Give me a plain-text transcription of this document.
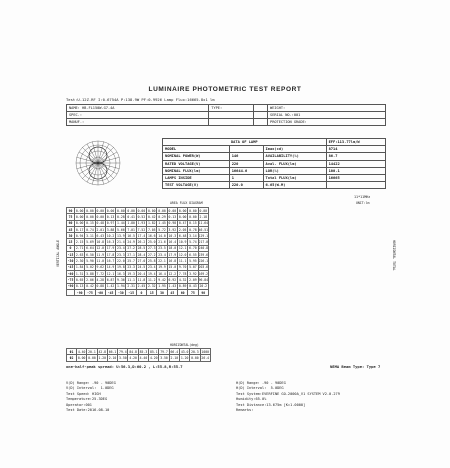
LUMINAIRE PHOTOMETRIC TEST REPORT
Test:U-12Z.RF I:0.6754A P:138.9W PF:0.9926 Lamp Flux:16665.8x1 lm
NAME: HB-FL150W-G7-4A	TYPE:		WEIGHT:
SPEC.:			SERIAL NO.:001
MANUF.:			PROTECTION GRADE:
DATA OF LAMP			EFF:113.77lm/W
MODEL		Imax(cd)	8714
NOMINAL POWER(W)	146	AVAILABILITY(%)	86.7
RATED VOLTAGE(V)	220	Aval. FLUX(lm)	14422
NOMINAL FLUX(lm)	16644.6	LOR(%)	100.1
LAMPS INSIDE	1	Total FLUX(lm)	16665
TEST VOLTAGE(V)	220.0	6.65(W.M)	
11*11MHz
AREA FLUX DIAGRAM	UNIT:lm
VERTICAL ANGLE	HORIZONTAL TOTAL
90	0.00	0.00	0.00	0.00	0.00	0.00	0.00	0.00	0.00	0.00	0.00	0.00	0.00
75	0.00	0.00	0.00	0.13	0.28	0.41	0.52	0.42	0.29	0.13	0.00	0.00	2.18
60	0.00	0.15	0.48	0.97	1.44	1.80	1.93	1.82	1.45	0.98	0.47	0.15	11.64
45	0.17	0.74	2.01	3.88	5.66	7.01	7.52	7.05	5.72	3.92	2.05	0.78	46.51
30	0.94	3.11	6.43	10.2	13.9	16.5	17.4	16.6	14.0	10.3	6.48	3.14	129.1
15	2.15	5.69	10.8	16.3	21.4	24.9	26.2	25.0	21.6	16.4	10.9	5.74	217.0
0	2.71	6.64	12.0	17.9	23.4	27.2	28.5	27.3	23.5	18.0	12.1	6.70	240.8
-15	2.63	6.50	11.9	17.8	23.3	27.1	28.4	27.2	23.4	17.9	12.0	6.55	239.6
-30	2.30	5.90	11.0	16.7	22.0	25.7	27.0	25.8	22.1	16.8	11.1	5.95	226.1
-45	1.84	5.02	9.62	14.9	19.8	23.3	24.5	23.4	19.9	15.0	9.70	5.07	203.6
-60	1.31	3.88	7.72	12.1	16.3	19.3	20.4	19.4	16.4	12.2	7.78	3.92	169.2
-75	0.65	2.06	4.28	6.87	9.36	11.1	11.8	11.2	9.42	6.92	4.32	2.09	96.84
-90	0.13	0.42	0.88	1.42	1.94	2.31	2.45	2.32	1.95	1.43	0.89	0.43	20.2
	-90	-75	-60	-45	-30	-15	0	15	30	45	60	75	90
HORIZONTAL(deg)
Φ1	4.40	20.1	42.8	66.1	79.4	84.8	85.3	85.1	79.7	66.4	43.0	20.3	1000
Φ2	0.00	0.00	1.20	2.10	3.50	4.20	4.40	4.20	3.50	2.10	1.20	0.00	26.4
one-half-peak spread: U:56.3,D:60.2 , L:55.8,R:55.7	NEMA Beam Type: Type 7
V(D) Range: -90 - 90DEG
V(D) Interval:  1.0DEG
Test Speed: HIGH
Temperature:25.3DEG
Operator:001
Test Date:2016-08-10
H(D) Range: -90 - 90DEG
H(D) Interval:  5.0DEG
Test System:EVERFINE GO-2000A_V1 SYSTEM V2.0.279
Humidity:65.0%
Test Distance:13.675m [K=1.0000]
Remarks:
